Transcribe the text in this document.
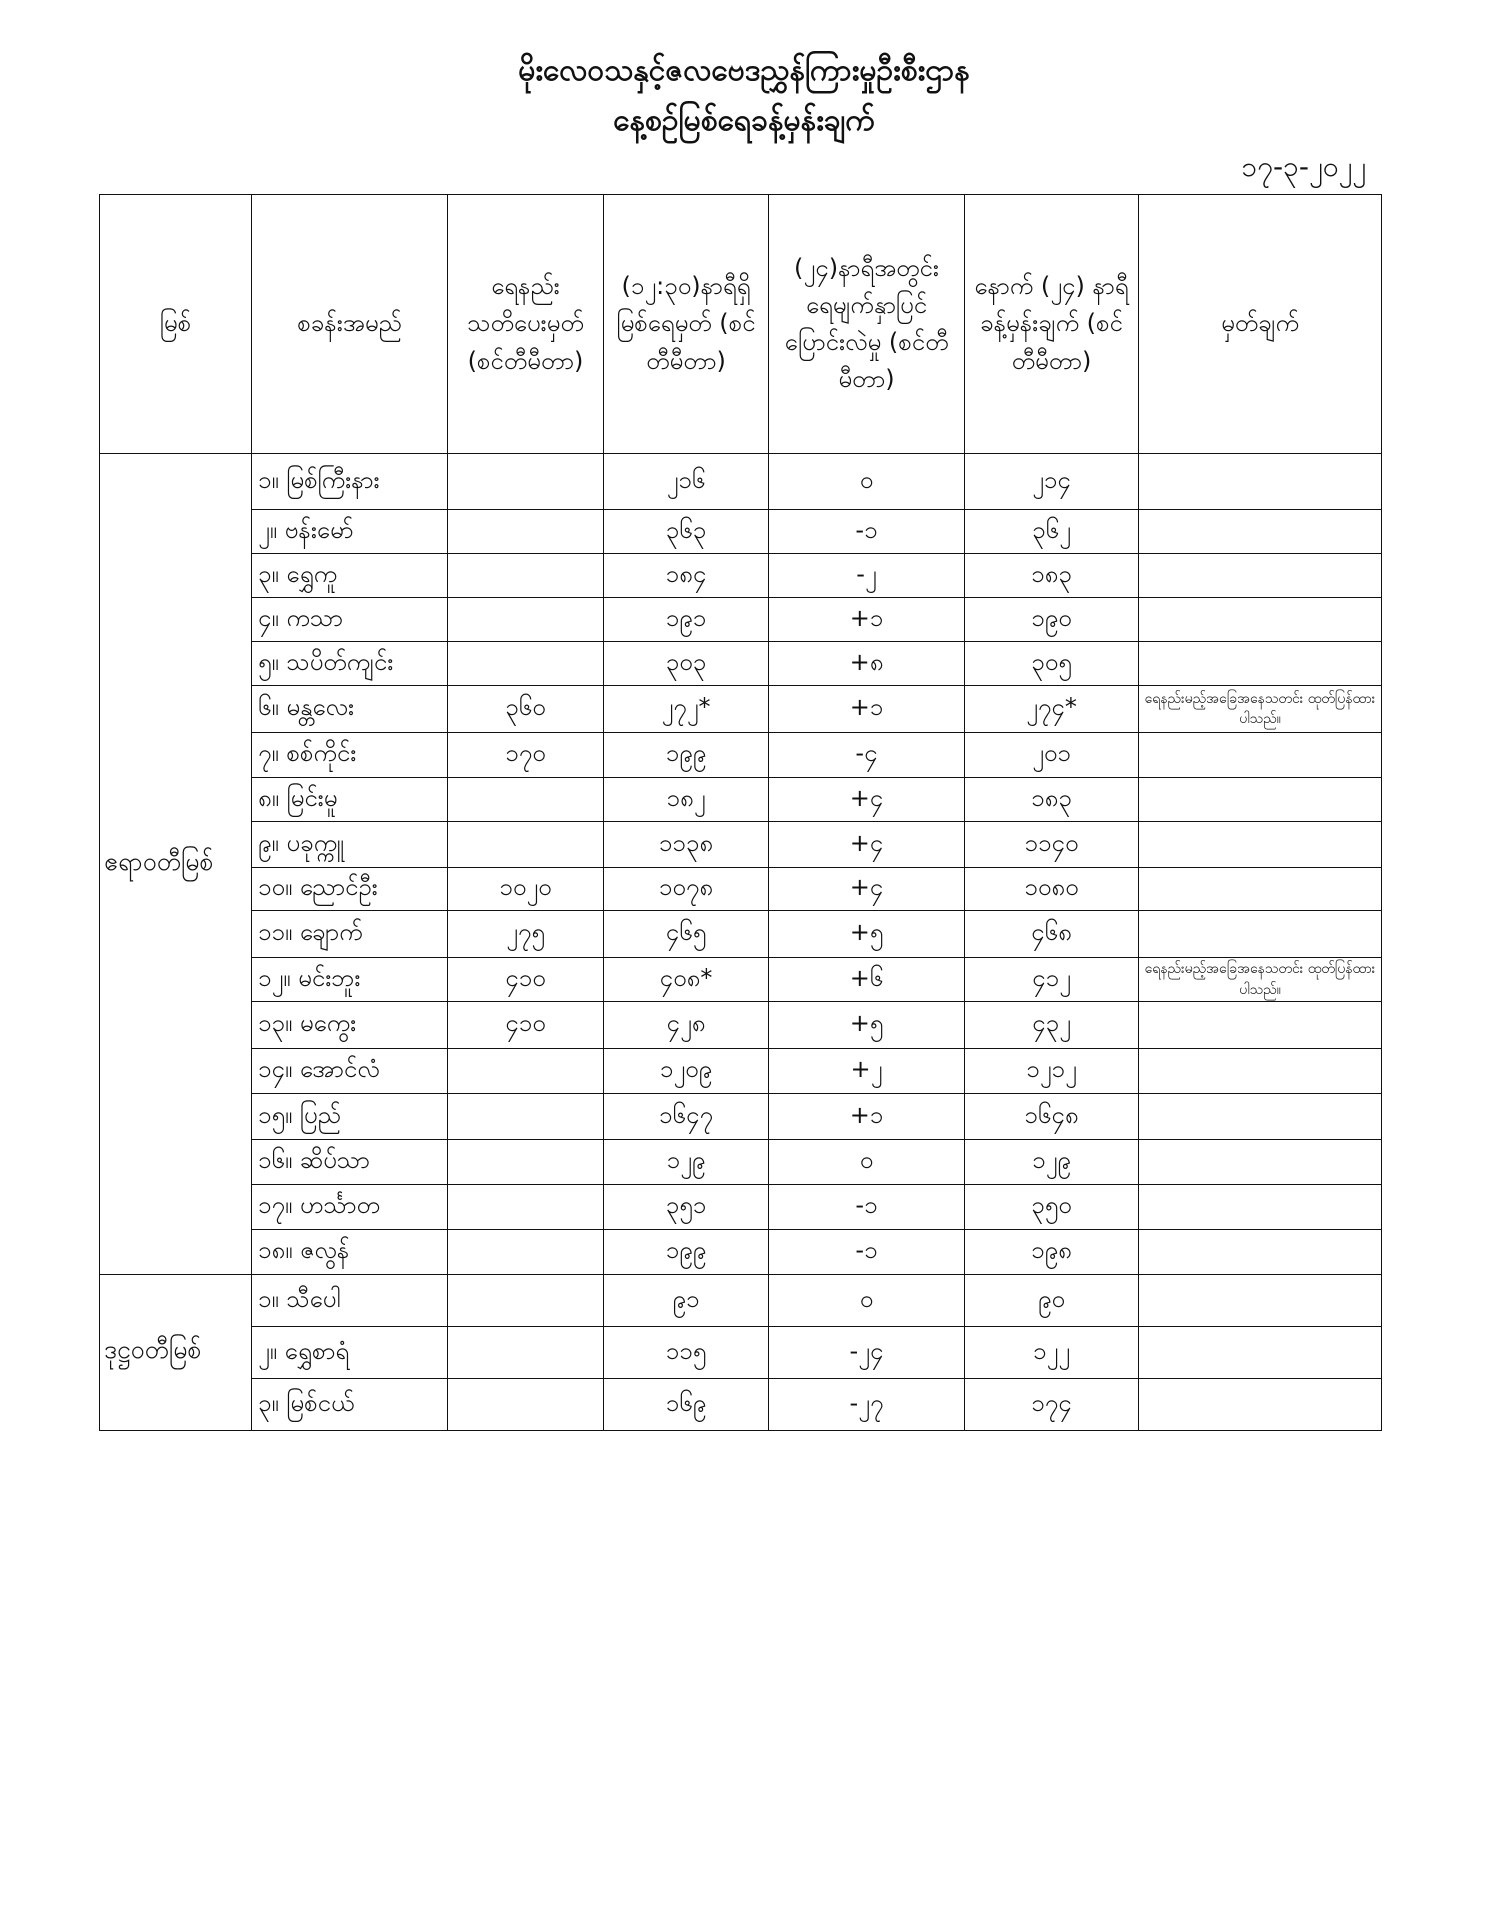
မိုးလေဝသနှင့်ဇလဗေဒညွှန်ကြားမှုဦးစီးဌာန
နေ့စဉ်မြစ်ရေခန့်မှန်းချက်
၁၇-၃-၂၀၂၂
မြစ်	စခန်းအမည်	ရေနည်း သတိပေးမှတ် (စင်တီမီတာ)	(၁၂:၃၀)နာရီရှိ မြစ်ရေမှတ် (စင်တီမီတာ)	(၂၄)နာရီအတွင်း ရေမျက်နှာပြင် ပြောင်းလဲမှု (စင်တီမီတာ)	နောက် (၂၄) နာရီ ခန့်မှန်းချက် (စင်တီမီတာ)	မှတ်ချက်
ဧရာဝတီမြစ်	၁။ မြစ်ကြီးနား		၂၁၆	၀	၂၁၄	
	၂။ ဗန်းမော်		၃၆၃	-၁	၃၆၂	
	၃။ ရွှေကူ		၁၈၄	-၂	၁၈၃	
	၄။ ကသာ		၁၉၁	+၁	၁၉၀	
	၅။ သပိတ်ကျင်း		၃၀၃	+၈	၃၀၅	
	၆။ မန္တလေး	၃၆၀	၂၇၂*	+၁	၂၇၄*	ရေနည်းမည့်အခြေအနေသတင်း ထုတ်ပြန်ထားပါသည်။
	၇။ စစ်ကိုင်း	၁၇၀	၁၉၉	-၄	၂၀၁	
	၈။ မြင်းမူ		၁၈၂	+၄	၁၈၃	
	၉။ ပခုက္ကူ		၁၁၃၈	+၄	၁၁၄၀	
	၁၀။ ညောင်ဦး	၁၀၂၀	၁၀၇၈	+၄	၁၀၈၀	
	၁၁။ ချောက်	၂၇၅	၄၆၅	+၅	၄၆၈	
	၁၂။ မင်းဘူး	၄၁၀	၄၀၈*	+၆	၄၁၂	ရေနည်းမည့်အခြေအနေသတင်း ထုတ်ပြန်ထားပါသည်။
	၁၃။ မကွေး	၄၁၀	၄၂၈	+၅	၄၃၂	
	၁၄။ အောင်လံ		၁၂၀၉	+၂	၁၂၁၂	
	၁၅။ ပြည်		၁၆၄၇	+၁	၁၆၄၈	
	၁၆။ ဆိပ်သာ		၁၂၉	၀	၁၂၉	
	၁၇။ ဟင်္သာတ		၃၅၁	-၁	၃၅၀	
	၁၈။ ဇလွန်		၁၉၉	-၁	၁၉၈	
ဒုဋ္ဌဝတီမြစ်	၁။ သီပေါ		၉၁	၀	၉၀	
	၂။ ရွှေစာရံ		၁၁၅	-၂၄	၁၂၂	
	၃။ မြစ်ငယ်		၁၆၉	-၂၇	၁၇၄	
